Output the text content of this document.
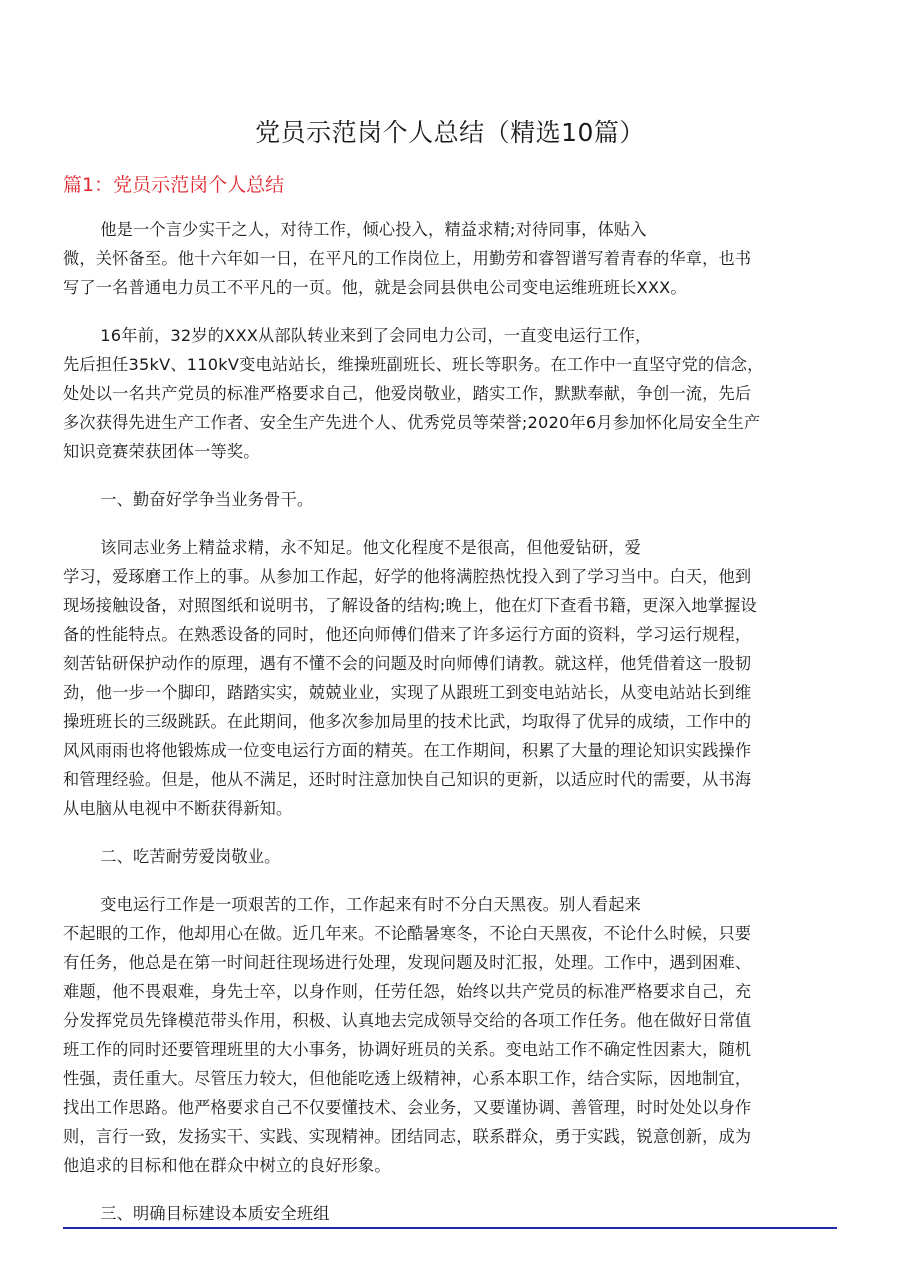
党员示范岗个人总结（精选10篇）
篇1：党员示范岗个人总结
他是一个言少实干之人，对待工作，倾心投入，精益求精;对待同事，体贴入
微，关怀备至。他十六年如一日，在平凡的工作岗位上，用勤劳和睿智谱写着青春的华章，也书
写了一名普通电力员工不平凡的一页。他，就是会同县供电公司变电运维班班长XXX。
16年前，32岁的XXX从部队转业来到了会同电力公司，一直变电运行工作，
先后担任35kV、110kV变电站站长，维操班副班长、班长等职务。在工作中一直坚守党的信念，
处处以一名共产党员的标准严格要求自己，他爱岗敬业，踏实工作，默默奉献，争创一流，先后
多次获得先进生产工作者、安全生产先进个人、优秀党员等荣誉;2020年6月参加怀化局安全生产
知识竞赛荣获团体一等奖。
一、勤奋好学争当业务骨干。
该同志业务上精益求精，永不知足。他文化程度不是很高，但他爱钻研，爱
学习，爱琢磨工作上的事。从参加工作起，好学的他将满腔热忱投入到了学习当中。白天，他到
现场接触设备，对照图纸和说明书，了解设备的结构;晚上，他在灯下查看书籍，更深入地掌握设
备的性能特点。在熟悉设备的同时，他还向师傅们借来了许多运行方面的资料，学习运行规程，
刻苦钻研保护动作的原理，遇有不懂不会的问题及时向师傅们请教。就这样，他凭借着这一股韧
劲，他一步一个脚印，踏踏实实，兢兢业业，实现了从跟班工到变电站站长，从变电站站长到维
操班班长的三级跳跃。在此期间，他多次参加局里的技术比武，均取得了优异的成绩，工作中的
风风雨雨也将他锻炼成一位变电运行方面的精英。在工作期间，积累了大量的理论知识实践操作
和管理经验。但是，他从不满足，还时时注意加快自己知识的更新，以适应时代的需要，从书海
从电脑从电视中不断获得新知。
二、吃苦耐劳爱岗敬业。
变电运行工作是一项艰苦的工作，工作起来有时不分白天黑夜。别人看起来
不起眼的工作，他却用心在做。近几年来。不论酷暑寒冬，不论白天黑夜，不论什么时候，只要
有任务，他总是在第一时间赶往现场进行处理，发现问题及时汇报，处理。工作中，遇到困难、
难题，他不畏艰难，身先士卒，以身作则，任劳任怨，始终以共产党员的标准严格要求自己，充
分发挥党员先锋模范带头作用，积极、认真地去完成领导交给的各项工作任务。他在做好日常值
班工作的同时还要管理班里的大小事务，协调好班员的关系。变电站工作不确定性因素大，随机
性强，责任重大。尽管压力较大，但他能吃透上级精神，心系本职工作，结合实际，因地制宜，
找出工作思路。他严格要求自己不仅要懂技术、会业务，又要谨协调、善管理，时时处处以身作
则，言行一致，发扬实干、实践、实现精神。团结同志，联系群众，勇于实践，锐意创新，成为
他追求的目标和他在群众中树立的良好形象。
三、明确目标建设本质安全班组
